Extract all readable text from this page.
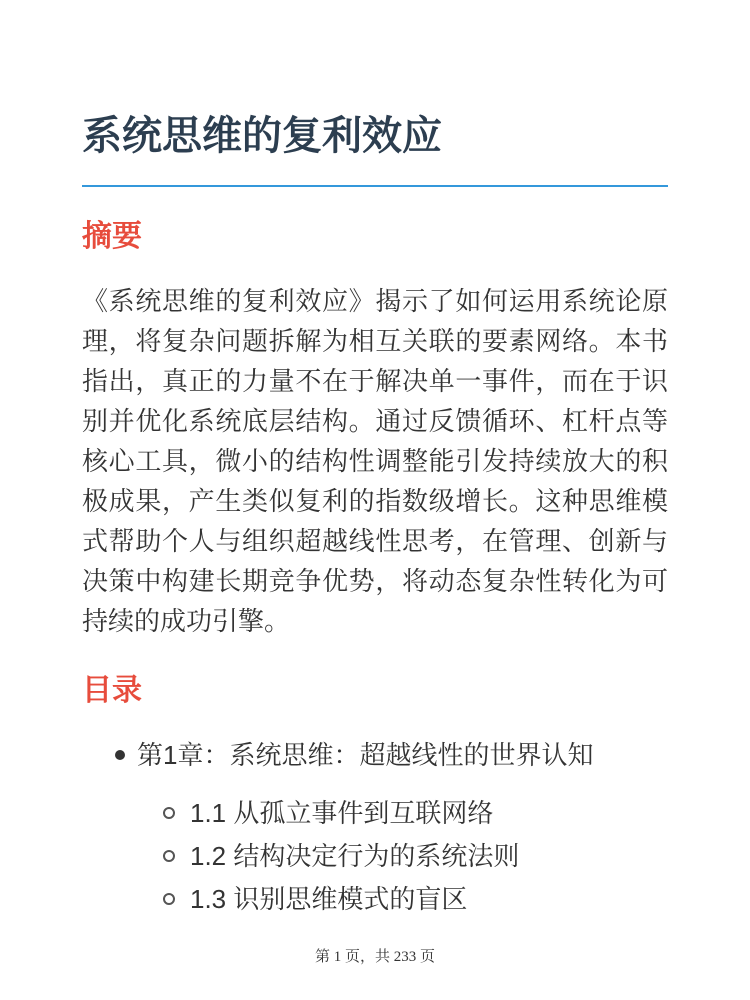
系统思维的复利效应
摘要

《系统思维的复利效应》揭示了如何运用系统论原理，将复杂问题拆解为相互关联的要素网络。本书指出，真正的力量不在于解决单一事件，而在于识别并优化系统底层结构。通过反馈循环、杠杆点等核心工具，微小的结构性调整能引发持续放大的积极成果，产生类似复利的指数级增长。这种思维模式帮助个人与组织超越线性思考，在管理、创新与决策中构建长期竞争优势，将动态复杂性转化为可持续的成功引擎。

目录
第1章：系统思维：超越线性的世界认知
1.1 从孤立事件到互联网络
1.2 结构决定行为的系统法则
1.3 识别思维模式的盲区
第 1 页，共 233 页
